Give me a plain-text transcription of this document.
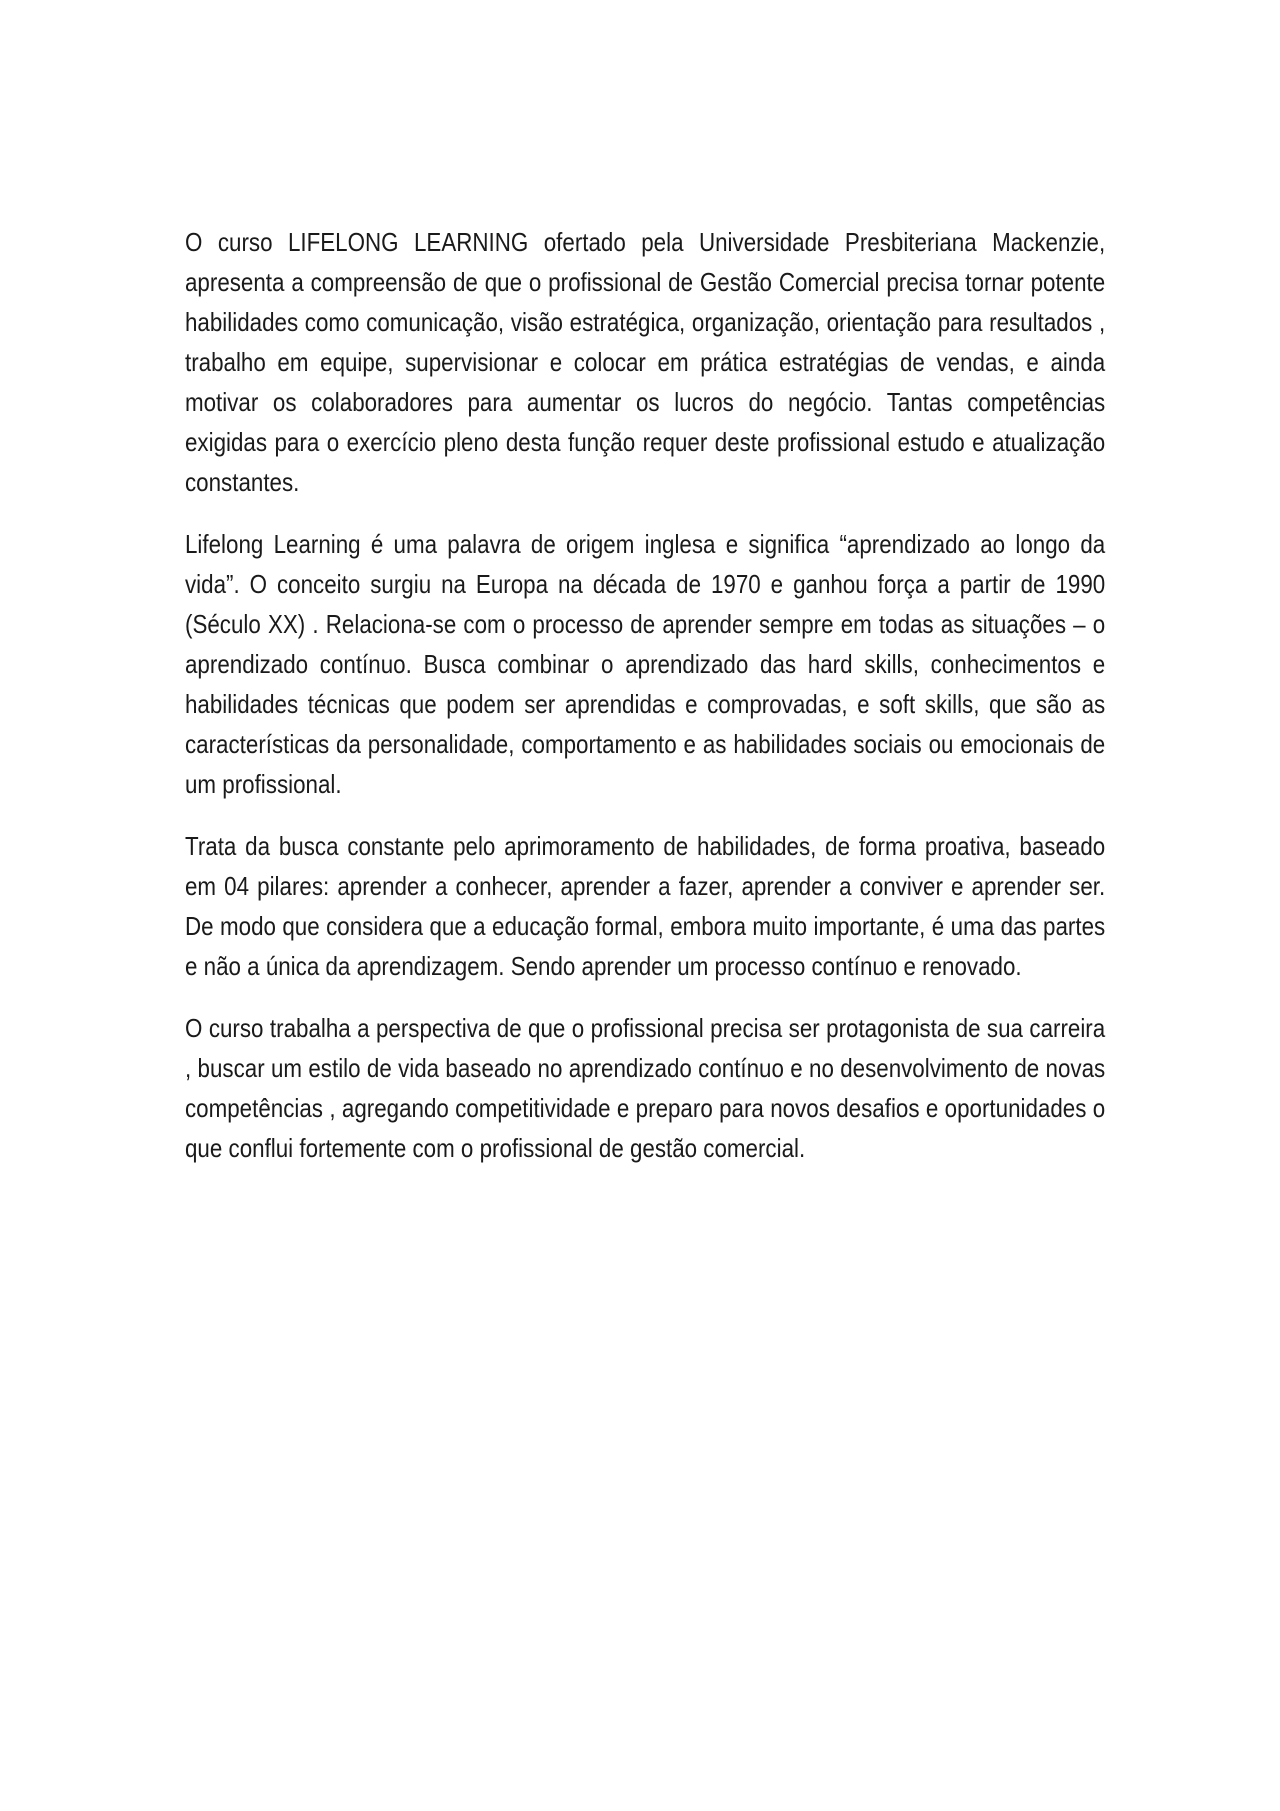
O curso LIFELONG LEARNING ofertado pela Universidade Presbiteriana Mackenzie, apresenta a compreensão de que o profissional de Gestão Comercial precisa tornar potente habilidades como comunicação, visão estratégica, organização, orientação para resultados , trabalho em equipe, supervisionar e colocar em prática estratégias de vendas, e ainda motivar os colaboradores para aumentar os lucros do negócio. Tantas competências exigidas para o exercício pleno desta função requer deste profissional estudo e atualização constantes.

Lifelong Learning é uma palavra de origem inglesa e significa “aprendizado ao longo da vida”. O conceito surgiu na Europa na década de 1970 e ganhou força a partir de 1990 (Século XX) . Relaciona-se com o processo de aprender sempre em todas as situações – o aprendizado contínuo. Busca combinar o aprendizado das hard skills, conhecimentos e habilidades técnicas que podem ser aprendidas e comprovadas, e soft skills, que são as características da personalidade, comportamento e as habilidades sociais ou emocionais de um profissional.

Trata da busca constante pelo aprimoramento de habilidades, de forma proativa, baseado em 04 pilares: aprender a conhecer, aprender a fazer, aprender a conviver e aprender ser. De modo que considera que a educação formal, embora muito importante, é uma das partes e não a única da aprendizagem. Sendo aprender um processo contínuo e renovado.

O curso trabalha a perspectiva de que o profissional precisa ser protagonista de sua carreira , buscar um estilo de vida baseado no aprendizado contínuo e no desenvolvimento de novas competências , agregando competitividade e preparo para novos desafios e oportunidades o que conflui fortemente com o profissional de gestão comercial.
